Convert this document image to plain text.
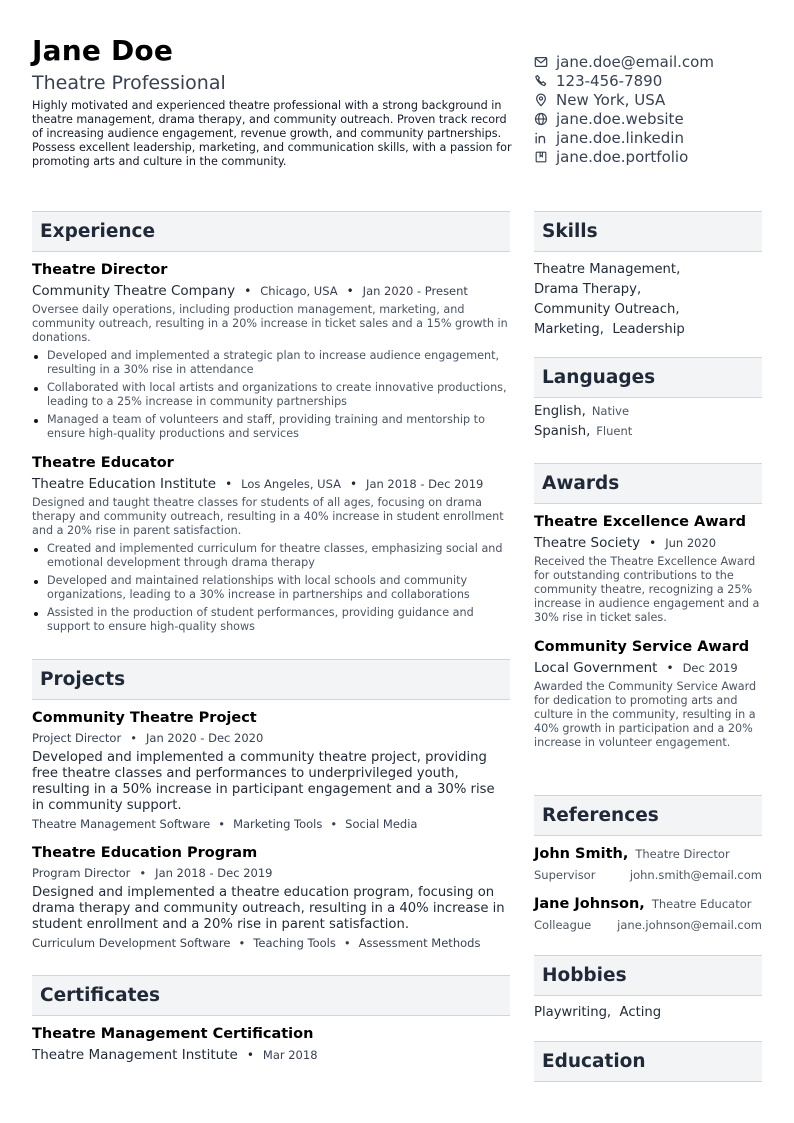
Jane Doe
Theatre Professional
Highly motivated and experienced theatre professional with a strong background in theatre management, drama therapy, and community outreach. Proven track record of increasing audience engagement, revenue growth, and community partnerships. Possess excellent leadership, marketing, and communication skills, with a passion for promoting arts and culture in the community.
jane.doe@email.com
123-456-7890
New York, USA
jane.doe.website
jane.doe.linkedin
jane.doe.portfolio
Experience
Theatre Director
Community Theatre Company • Chicago, USA • Jan 2020 - Present
Oversee daily operations, including production management, marketing, and community outreach, resulting in a 20% increase in ticket sales and a 15% growth in donations.
Developed and implemented a strategic plan to increase audience engagement, resulting in a 30% rise in attendance
Collaborated with local artists and organizations to create innovative productions, leading to a 25% increase in community partnerships
Managed a team of volunteers and staff, providing training and mentorship to ensure high-quality productions and services
Theatre Educator
Theatre Education Institute • Los Angeles, USA • Jan 2018 - Dec 2019
Designed and taught theatre classes for students of all ages, focusing on drama therapy and community outreach, resulting in a 40% increase in student enrollment and a 20% rise in parent satisfaction.
Created and implemented curriculum for theatre classes, emphasizing social and emotional development through drama therapy
Developed and maintained relationships with local schools and community organizations, leading to a 30% increase in partnerships and collaborations
Assisted in the production of student performances, providing guidance and support to ensure high-quality shows
Projects
Community Theatre Project
Project Director • Jan 2020 - Dec 2020
Developed and implemented a community theatre project, providing free theatre classes and performances to underprivileged youth, resulting in a 50% increase in participant engagement and a 30% rise in community support.
Theatre Management Software • Marketing Tools • Social Media
Theatre Education Program
Program Director • Jan 2018 - Dec 2019
Designed and implemented a theatre education program, focusing on drama therapy and community outreach, resulting in a 40% increase in student enrollment and a 20% rise in parent satisfaction.
Curriculum Development Software • Teaching Tools • Assessment Methods
Certificates
Theatre Management Certification
Theatre Management Institute • Mar 2018
Skills
Theatre Management,
Drama Therapy,
Community Outreach,
Marketing, Leadership
Languages
English, Native
Spanish, Fluent
Awards
Theatre Excellence Award
Theatre Society • Jun 2020
Received the Theatre Excellence Award for outstanding contributions to the community theatre, recognizing a 25% increase in audience engagement and a 30% rise in ticket sales.
Community Service Award
Local Government • Dec 2019
Awarded the Community Service Award for dedication to promoting arts and culture in the community, resulting in a 40% growth in participation and a 20% increase in volunteer engagement.
References
John Smith, Theatre Director
Supervisor	john.smith@email.com
Jane Johnson, Theatre Educator
Colleague jane.johnson@email.com
Hobbies
Playwriting, Acting
Education
